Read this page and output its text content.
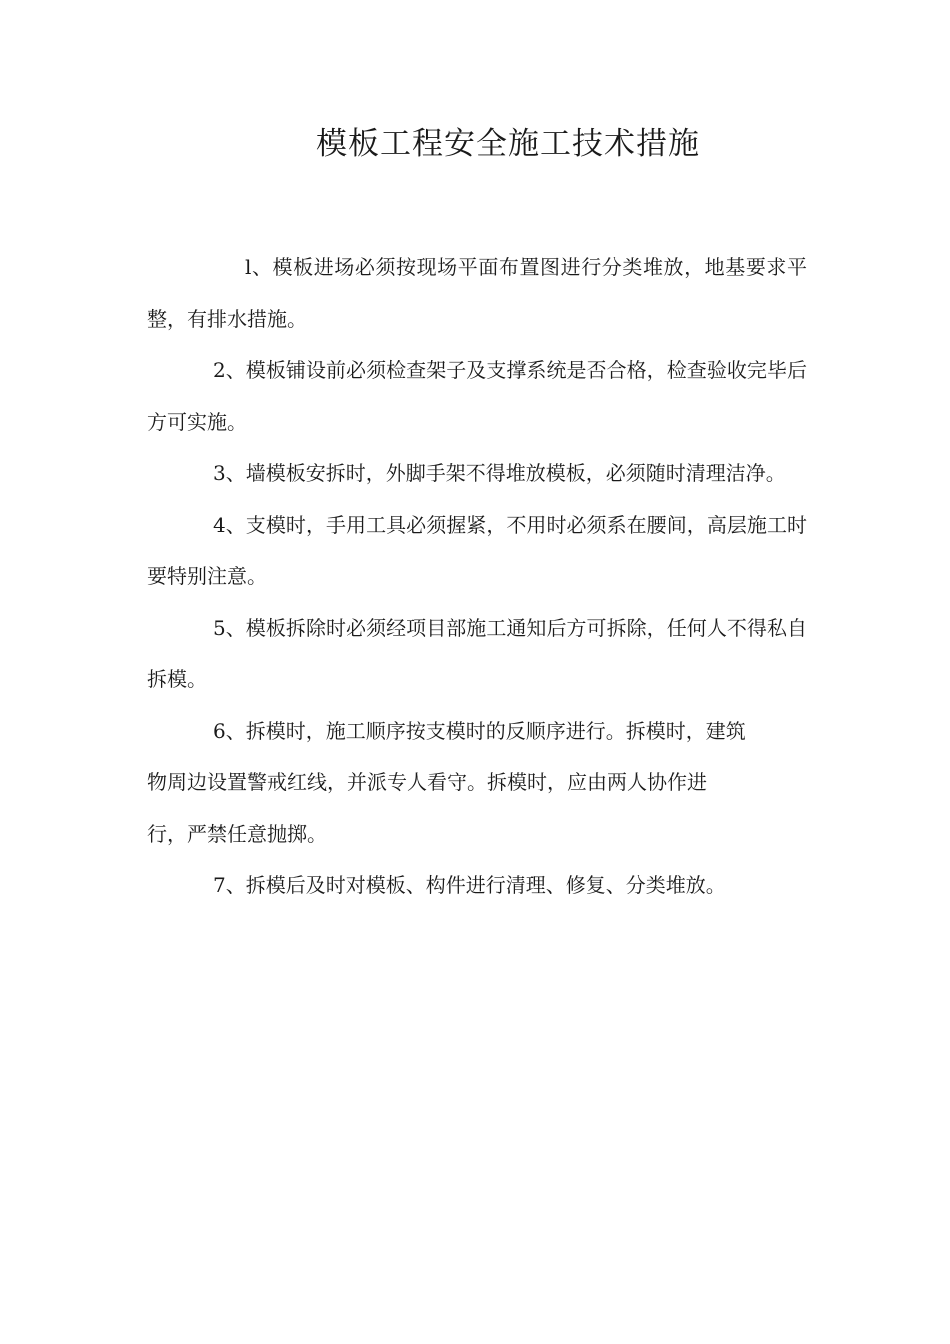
模板工程安全施工技术措施

l、模板进场必须按现场平面布置图进行分类堆放，地基要求平整，有排水措施。

2、模板铺设前必须检查架子及支撑系统是否合格，检查验收完毕后方可实施。

3、墙模板安拆时，外脚手架不得堆放模板，必须随时清理洁净。

4、支模时，手用工具必须握紧，不用时必须系在腰间，高层施工时要特别注意。

5、模板拆除时必须经项目部施工通知后方可拆除，任何人不得私自拆模。

6、拆模时，施工顺序按支模时的反顺序进行。拆模时，建筑
物周边设置警戒红线，并派专人看守。拆模时，应由两人协作进
行，严禁任意抛掷。

7、拆模后及时对模板、构件进行清理、修复、分类堆放。
